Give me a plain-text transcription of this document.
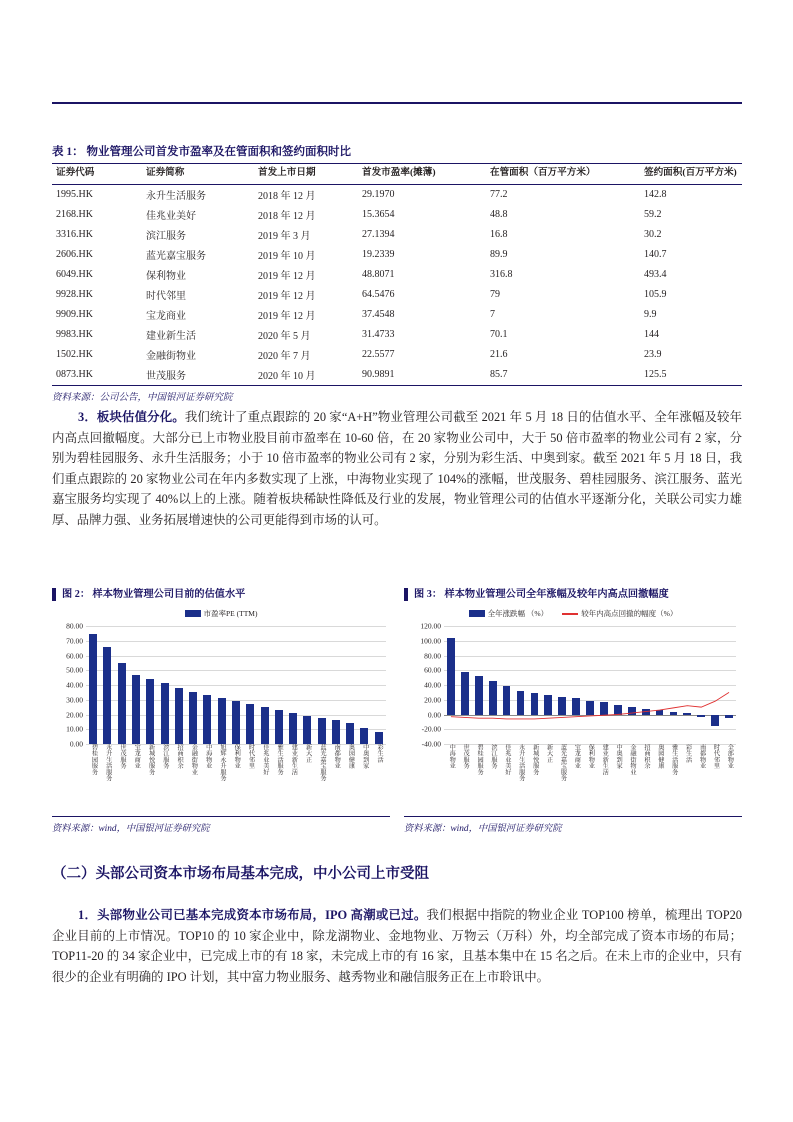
表 1： 物业管理公司首发市盈率及在管面积和签约面积时比
证券代码	证券简称	首发上市日期	首发市盈率(摊薄)	在管面积（百万平方米）	签约面积(百万平方米)
1995.HK	永升生活服务	2018 年 12 月	29.1970	77.2	142.8
2168.HK	佳兆业美好	2018 年 12 月	15.3654	48.8	59.2
3316.HK	滨江服务	2019 年 3 月	27.1394	16.8	30.2
2606.HK	蓝光嘉宝服务	2019 年 10 月	19.2339	89.9	140.7
6049.HK	保利物业	2019 年 12 月	48.8071	316.8	493.4
9928.HK	时代邻里	2019 年 12 月	64.5476	79	105.9
9909.HK	宝龙商业	2019 年 12 月	37.4548	7	9.9
9983.HK	建业新生活	2020 年 5 月	31.4733	70.1	144
1502.HK	金融街物业	2020 年 7 月	22.5577	21.6	23.9
0873.HK	世茂服务	2020 年 10 月	90.9891	85.7	125.5
资料来源：公司公告，中国银河证券研究院
3．板块估值分化。我们统计了重点跟踪的 20 家“A+H”物业管理公司截至 2021 年 5 月 18 日的估值水平、全年涨幅及较年内高点回撤幅度。大部分已上市物业股目前市盈率在 10-60 倍，在 20 家物业公司中，大于 50 倍市盈率的物业公司有 2 家，分别为碧桂园服务、永升生活服务；小于 10 倍市盈率的物业公司有 2 家，分别为彩生活、中奥到家。截至 2021 年 5 月 18 日，我们重点跟踪的 20 家物业公司在年内多数实现了上涨，中海物业实现了 104%的涨幅，世茂服务、碧桂园服务、滨江服务、蓝光嘉宝服务均实现了 40%以上的上涨。随着板块稀缺性降低及行业的发展，物业管理公司的估值水平逐渐分化，关联公司实力雄厚、品牌力强、业务拓展增速快的公司更能得到市场的认可。
图 2： 样本物业管理公司目前的估值水平
市盈率PE (TTM)
0.00
10.00
20.00
30.00
40.00
50.00
60.00
70.00
80.00
碧桂园服务	永升生活服务	世茂服务	宝龙商业	新城悦服务	滨江服务	招商积余	金融街物业	中海物业	旭辉永升服务	保利物业	时代邻里	佳兆业美好	雅生活服务	建业新生活	新大正	蓝光嘉宝服务	南都物业	奥园健康	中奥到家	彩生活
资料来源：wind，中国银河证券研究院
图 3： 样本物业管理公司全年涨幅及较年内高点回撤幅度
全年涨跌幅 （%）	较年内高点回撤的幅度（%）
-40.00
-20.00
0.00
20.00
40.00
60.00
80.00
100.00
120.00
中海物业	世茂服务	碧桂园服务	滨江服务	佳兆业美好	永升生活服务	新城悦服务	新大正	蓝光嘉宝服务	宝龙商业	保利物业	建业新生活	中奥到家	金融街物业	招商积余	奥园健康	雅生活服务	彩生活	南都物业	时代邻里	全部物业
资料来源：wind，中国银河证券研究院
（二）头部公司资本市场布局基本完成，中小公司上市受阻
1．头部物业公司已基本完成资本市场布局，IPO 高潮或已过。我们根据中指院的物业企业 TOP100 榜单，梳理出 TOP20 企业目前的上市情况。TOP10 的 10 家企业中，除龙湖物业、金地物业、万物云（万科）外，均全部完成了资本市场的布局；TOP11-20 的 34 家企业中，已完成上市的有 18 家，未完成上市的有 16 家，且基本集中在 15 名之后。在未上市的企业中，只有很少的企业有明确的 IPO 计划，其中富力物业服务、越秀物业和融信服务正在上市聆讯中。
